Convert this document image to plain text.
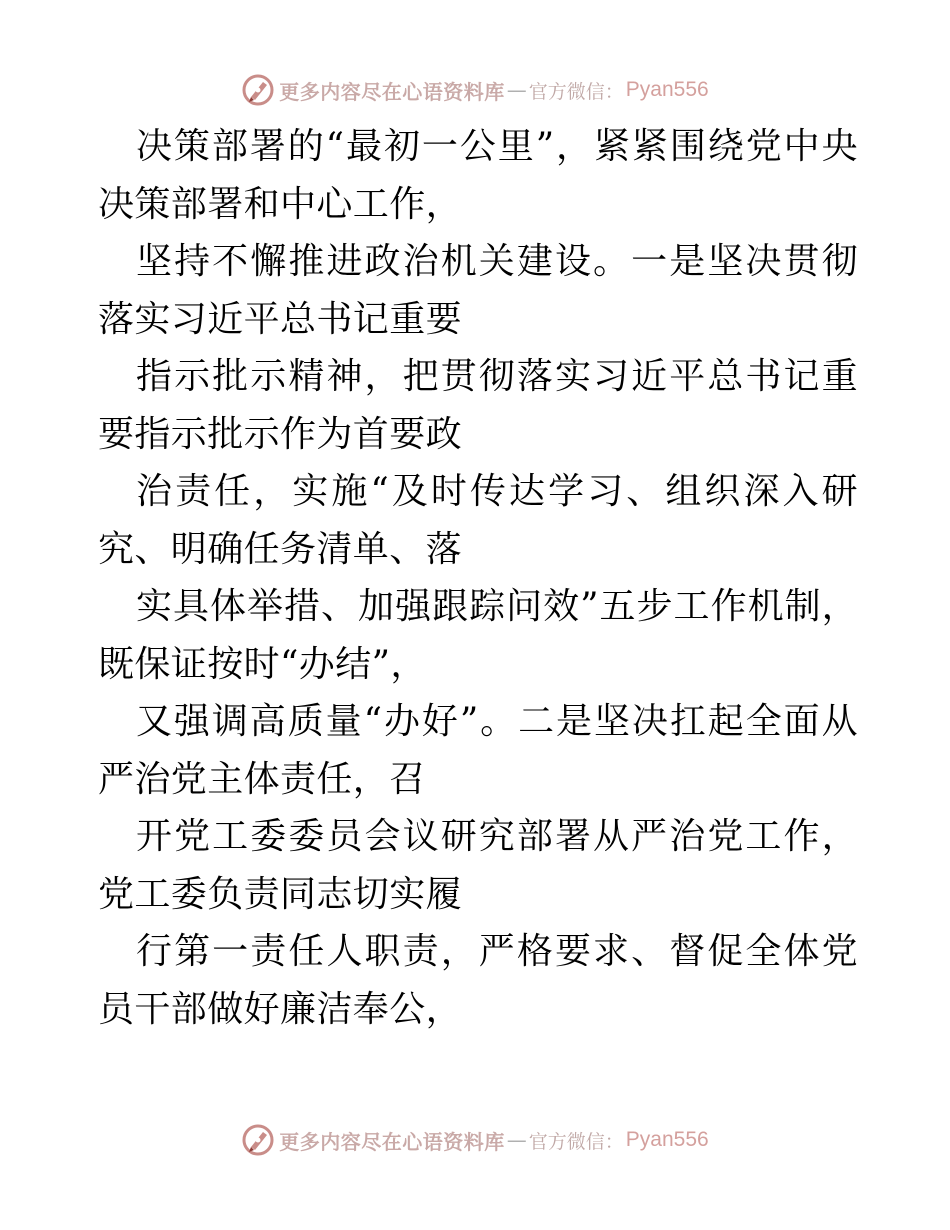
更多内容尽在心语资料库 — 官方微信： Pyan556

决策部署的“最初一公里”，紧紧围绕党中央决策部署和中心工作，

坚持不懈推进政治机关建设。一是坚决贯彻落实习近平总书记重要

指示批示精神，把贯彻落实习近平总书记重要指示批示作为首要政

治责任，实施“及时传达学习、组织深入研究、明确任务清单、落

实具体举措、加强跟踪问效”五步工作机制，既保证按时“办结”，

又强调高质量“办好”。二是坚决扛起全面从严治党主体责任，召

开党工委委员会议研究部署从严治党工作，党工委负责同志切实履

行第一责任人职责，严格要求、督促全体党员干部做好廉洁奉公，

更多内容尽在心语资料库 — 官方微信： Pyan556
